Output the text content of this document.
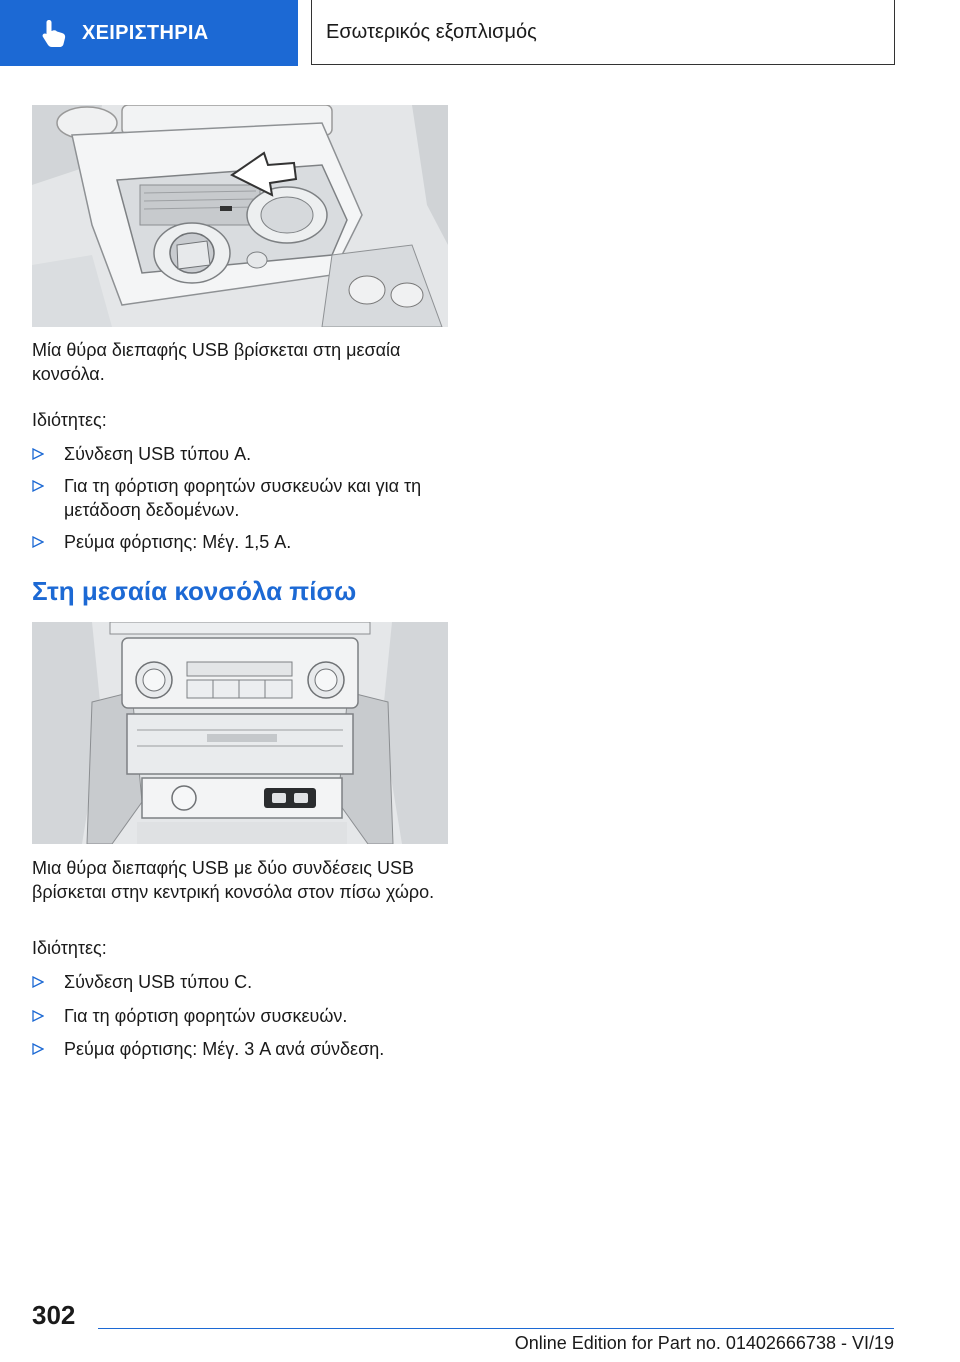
ΧΕΙΡΙΣΤΗΡΙΑ	Εσωτερικός εξοπλισμός

Μία θύρα διεπαφής USB βρίσκεται στη μεσαία κονσόλα.

Ιδιότητες:

Σύνδεση USB τύπου A.
Για τη φόρτιση φορητών συσκευών και για τη μετάδοση δεδομένων.
Ρεύμα φόρτισης: Μέγ. 1,5 A.
Στη μεσαία κονσόλα πίσω

Μια θύρα διεπαφής USB με δύο συνδέσεις USB βρίσκεται στην κεντρική κονσόλα στον πίσω χώρο.

Ιδιότητες:

Σύνδεση USB τύπου C.
Για τη φόρτιση φορητών συσκευών.
Ρεύμα φόρτισης: Μέγ. 3 A ανά σύνδεση.
302
Online Edition for Part no. 01402666738 - VI/19
